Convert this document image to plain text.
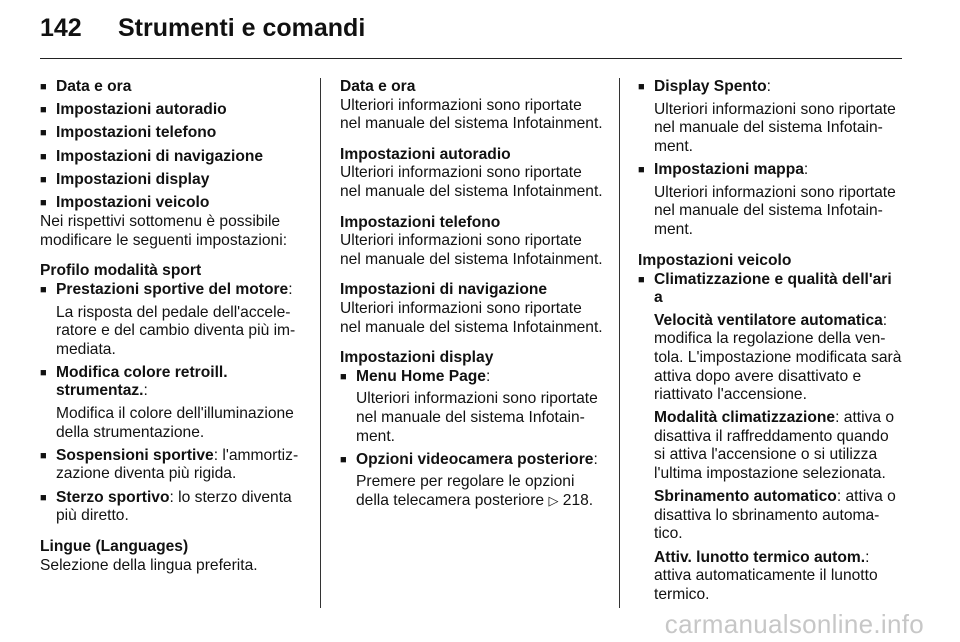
142	Strumenti e comandi
■ Data e ora
■ Impostazioni autoradio
■ Impostazioni telefono
■ Impostazioni di navigazione
■ Impostazioni display
■ Impostazioni veicolo

Nei rispettivi sottomenu è possibile modificare le seguenti impostazioni:

Profilo modalità sport

■ Prestazioni sportive del motore:
La risposta del pedale dell'acceleratore e del cambio diventa più immediata.
■ Modifica colore retroill. strumentaz.:
Modifica il colore dell'illuminazione della strumentazione.
■ Sospensioni sportive: l'ammortizzazione diventa più rigida.
■ Sterzo sportivo: lo sterzo diventa più diretto.

Lingue (Languages)

Selezione della lingua preferita.

Data e ora

Ulteriori informazioni sono riportate nel manuale del sistema Infotainment.

Impostazioni autoradio

Ulteriori informazioni sono riportate nel manuale del sistema Infotainment.

Impostazioni telefono

Ulteriori informazioni sono riportate nel manuale del sistema Infotainment.

Impostazioni di navigazione

Ulteriori informazioni sono riportate nel manuale del sistema Infotainment.

Impostazioni display

■ Menu Home Page:
Ulteriori informazioni sono riportate nel manuale del sistema Infotainment.
■ Opzioni videocamera posteriore:
Premere per regolare le opzioni della telecamera posteriore ▷ 218.
■ Display Spento:
Ulteriori informazioni sono riportate nel manuale del sistema Infotainment.
■ Impostazioni mappa:
Ulteriori informazioni sono riportate nel manuale del sistema Infotainment.

Impostazioni veicolo

■ Climatizzazione e qualità dell'ari a

Velocità ventilatore automatica: modifica la regolazione della ventola. L'impostazione modificata sarà attiva dopo avere disattivato e riattivato l'accensione.

Modalità climatizzazione: attiva o disattiva il raffreddamento quando si attiva l'accensione o si utilizza l'ultima impostazione selezionata.

Sbrinamento automatico: attiva o disattiva lo sbrinamento automatico.

Attiv. lunotto termico autom.: attiva automaticamente il lunotto termico.

carmanualsonline.info
